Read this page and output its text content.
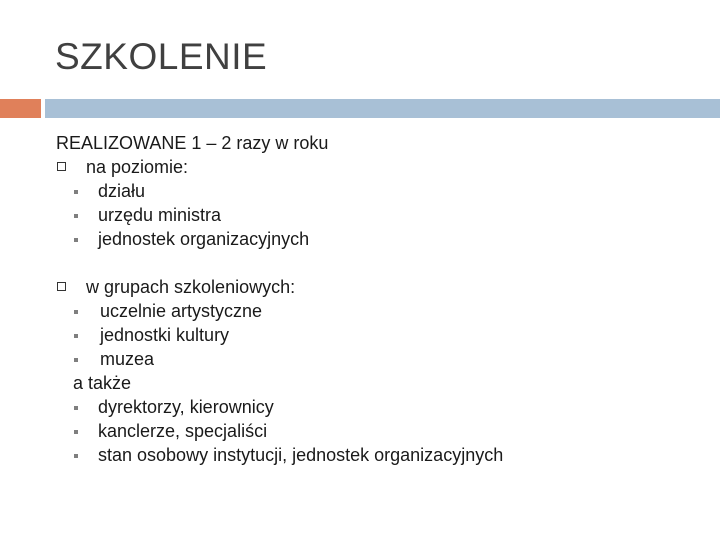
SZKOLENIE
REALIZOWANE 1 – 2 razy w roku
na poziomie:
działu
urzędu ministra
jednostek organizacyjnych
w grupach szkoleniowych:
uczelnie artystyczne
jednostki kultury
muzea
a także
dyrektorzy, kierownicy
kanclerze, specjaliści
stan osobowy instytucji, jednostek organizacyjnych
